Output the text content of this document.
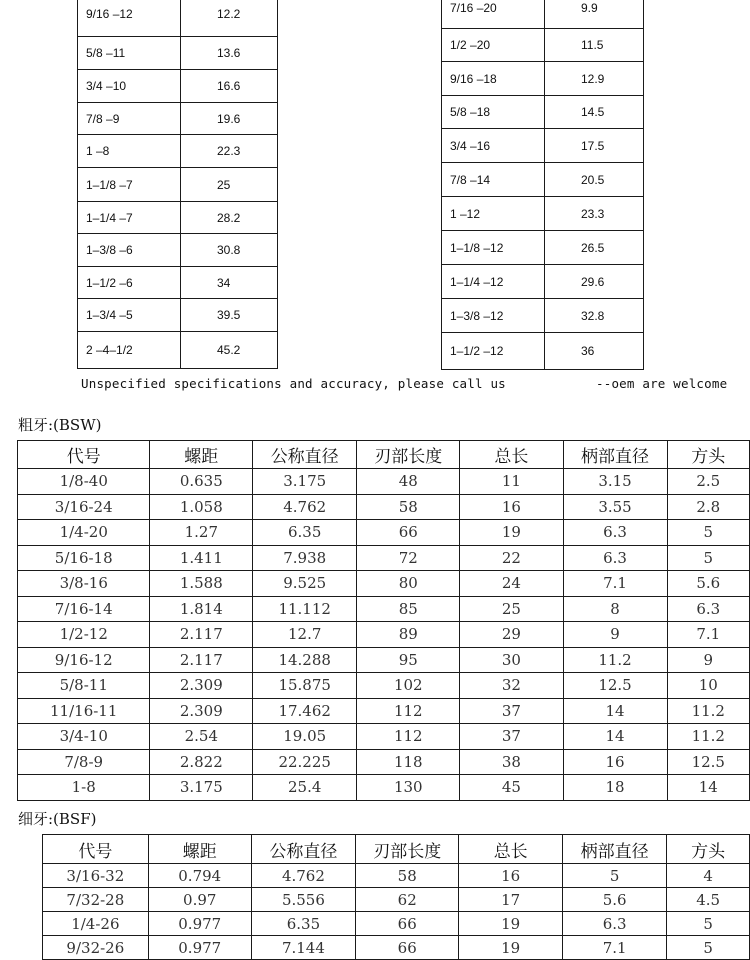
9/16 –12	12.2
5/8 –11	13.6
3/4 –10	16.6
7/8 –9	19.6
1 –8	22.3
1–1/8 –7	25
1–1/4 –7	28.2
1–3/8 –6	30.8
1–1/2 –6	34
1–3/4 –5	39.5
2 –4–1/2	45.2
7/16 –20	9.9
1/2 –20	11.5
9/16 –18	12.9
5/8 –18	14.5
3/4 –16	17.5
7/8 –14	20.5
1 –12	23.3
1–1/8 –12	26.5
1–1/4 –12	29.6
1–3/8 –12	32.8
1–1/2 –12	36
Unspecified specifications and accuracy, please call us	--oem are welcome
粗牙:(BSW)
代号	螺距	公称直径	刃部长度	总长	柄部直径	方头
1/8-40	0.635	3.175	48	11	3.15	2.5
3/16-24	1.058	4.762	58	16	3.55	2.8
1/4-20	1.27	6.35	66	19	6.3	5
5/16-18	1.411	7.938	72	22	6.3	5
3/8-16	1.588	9.525	80	24	7.1	5.6
7/16-14	1.814	11.112	85	25	8	6.3
1/2-12	2.117	12.7	89	29	9	7.1
9/16-12	2.117	14.288	95	30	11.2	9
5/8-11	2.309	15.875	102	32	12.5	10
11/16-11	2.309	17.462	112	37	14	11.2
3/4-10	2.54	19.05	112	37	14	11.2
7/8-9	2.822	22.225	118	38	16	12.5
1-8	3.175	25.4	130	45	18	14
细牙:(BSF)
代号	螺距	公称直径	刃部长度	总长	柄部直径	方头
3/16-32	0.794	4.762	58	16	5	4
7/32-28	0.97	5.556	62	17	5.6	4.5
1/4-26	0.977	6.35	66	19	6.3	5
9/32-26	0.977	7.144	66	19	7.1	5
